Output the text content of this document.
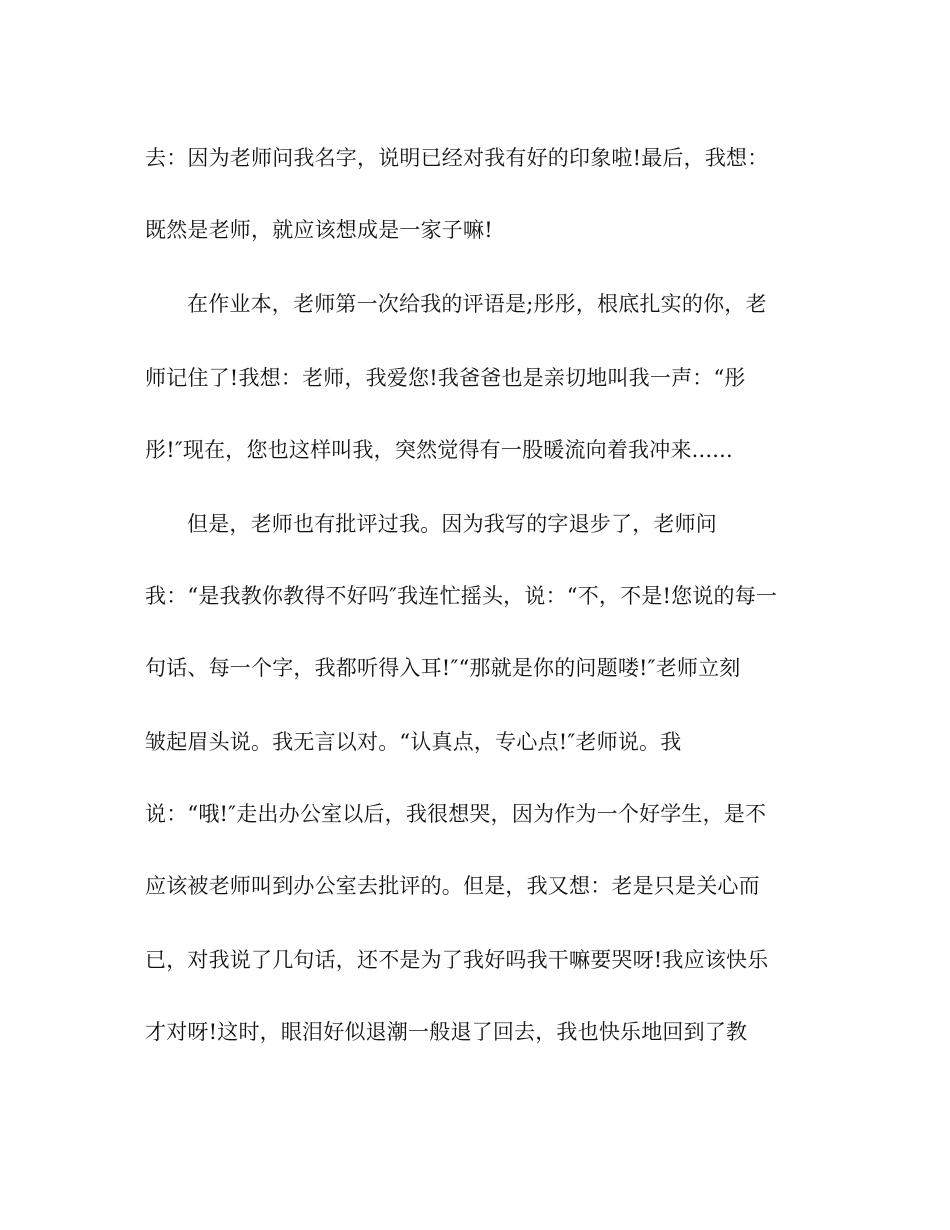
去：因为老师问我名字，说明已经对我有好的印象啦!最后，我想：
既然是老师，就应该想成是一家子嘛!
在作业本，老师第一次给我的评语是;彤彤，根底扎实的你，老
师记住了!我想：老师，我爱您!我爸爸也是亲切地叫我一声：“彤
彤!″现在，您也这样叫我，突然觉得有一股暖流向着我冲来......
但是，老师也有批评过我。因为我写的字退步了，老师问
我：“是我教你教得不好吗″我连忙摇头，说：“不，不是!您说的每一
句话、每一个字，我都听得入耳!″“那就是你的问题喽!″老师立刻
皱起眉头说。我无言以对。“认真点，专心点!″老师说。我
说：“哦!″走出办公室以后，我很想哭，因为作为一个好学生，是不
应该被老师叫到办公室去批评的。但是，我又想：老是只是关心而
已，对我说了几句话，还不是为了我好吗我干嘛要哭呀!我应该快乐
才对呀!这时，眼泪好似退潮一般退了回去，我也快乐地回到了教
